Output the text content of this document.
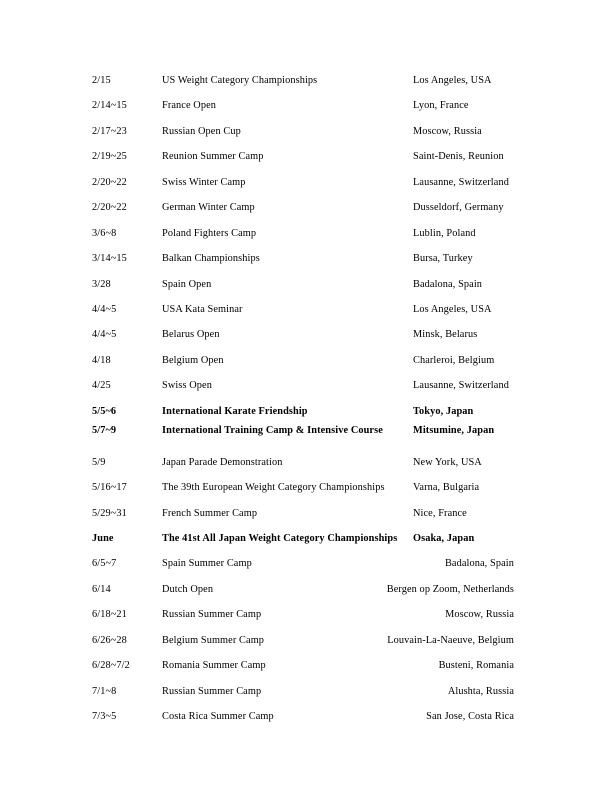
2/15	US Weight Category Championships	Los Angeles, USA
2/14~15	France Open	Lyon, France
2/17~23	Russian Open Cup	Moscow, Russia
2/19~25	Reunion Summer Camp	Saint-Denis, Reunion
2/20~22	Swiss Winter Camp	Lausanne, Switzerland
2/20~22	German Winter Camp	Dusseldorf, Germany
3/6~8	Poland Fighters Camp	Lublin, Poland
3/14~15	Balkan Championships	Bursa, Turkey
3/28	Spain Open	Badalona, Spain
4/4~5	USA Kata Seminar	Los Angeles, USA
4/4~5	Belarus Open	Minsk, Belarus
4/18	Belgium Open	Charleroi, Belgium
4/25	Swiss Open	Lausanne, Switzerland
5/5~6	International Karate Friendship	Tokyo, Japan
5/7~9	International Training Camp & Intensive Course	Mitsumine, Japan
5/9	Japan Parade Demonstration	New York, USA
5/16~17	The 39th European Weight Category Championships	Varna, Bulgaria
5/29~31	French Summer Camp	Nice, France
June	The 41st All Japan Weight Category Championships	Osaka, Japan
6/5~7	Spain Summer Camp	Badalona, Spain
6/14	Dutch Open	Bergen op Zoom, Netherlands
6/18~21	Russian Summer Camp	Moscow, Russia
6/26~28	Belgium Summer Camp	Louvain-La-Naeuve, Belgium
6/28~7/2	Romania Summer Camp	Busteni, Romania
7/1~8	Russian Summer Camp	Alushta, Russia
7/3~5	Costa Rica Summer Camp	San Jose, Costa Rica
